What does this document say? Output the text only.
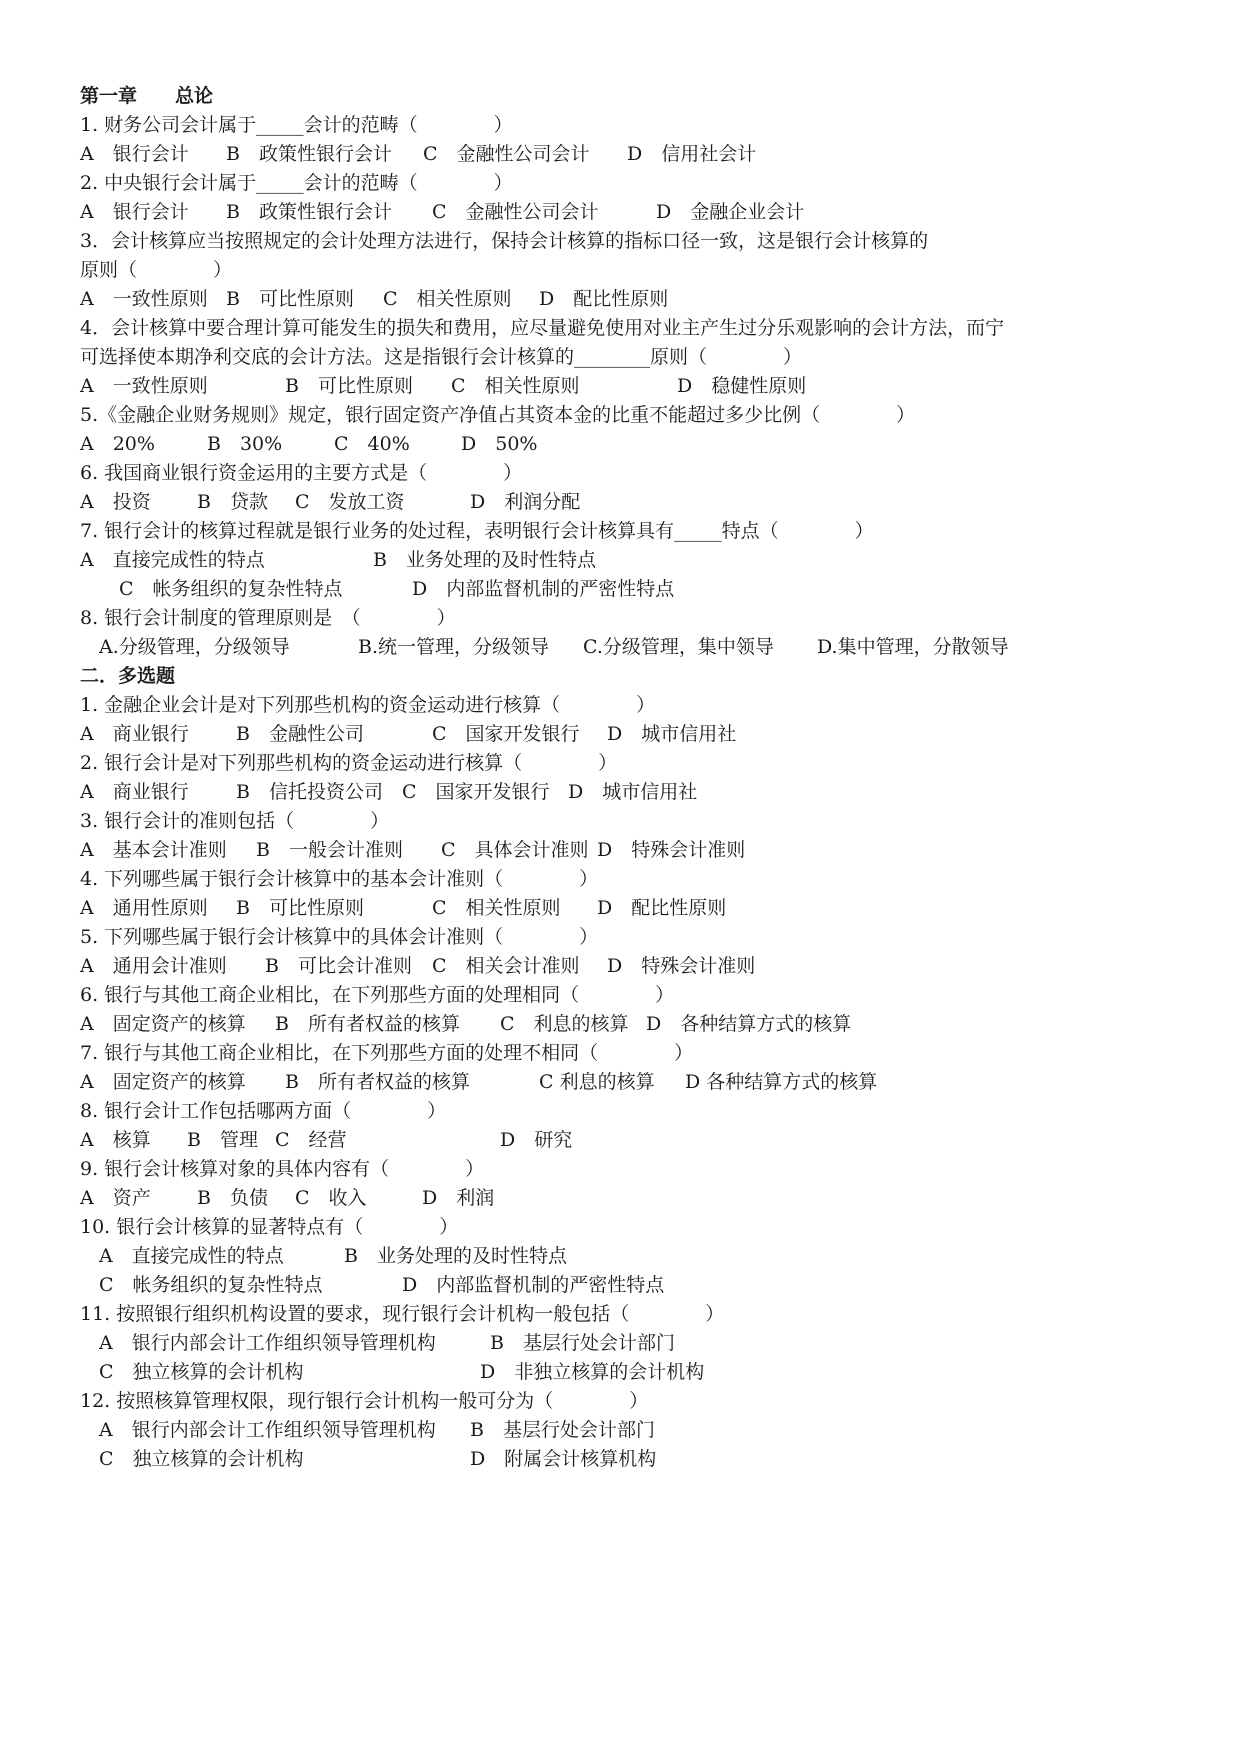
第一章　　总论
1. 财务公司会计属于_____会计的范畴（　　　　）
A　银行会计 B　政策性银行会计 C　金融性公司会计 D　信用社会计
2. 中央银行会计属于_____会计的范畴（　　　　）
A　银行会计 B　政策性银行会计 C　金融性公司会计	D　金融企业会计
3．会计核算应当按照规定的会计处理方法进行，保持会计核算的指标口径一致，这是银行会计核算的
原则（　　　　）
A　一致性原则 B　可比性原则 C　相关性原则 D　配比性原则
4．会计核算中要合理计算可能发生的损失和费用，应尽量避免使用对业主产生过分乐观影响的会计方法，而宁
可选择使本期净利交底的会计方法。这是指银行会计核算的________原则（　　　　）
A　一致性原则	B　可比性原则 C　相关性原则	D　稳健性原则
5.《金融企业财务规则》规定，银行固定资产净值占其资本金的比重不能超过多少比例（　　　　）
A　20%	B　30%	C　40%	D　50%
6. 我国商业银行资金运用的主要方式是（　　　　）
A　投资 B　贷款 C　发放工资	D　利润分配
7. 银行会计的核算过程就是银行业务的处过程，表明银行会计核算具有_____特点（　　　　）
A　直接完成性的特点	B　业务处理的及时性特点
C　帐务组织的复杂性特点	D　内部监督机制的严密性特点
8. 银行会计制度的管理原则是　（　　　　）
A.分级管理，分级领导	B.统一管理，分级领导 C.分级管理，集中领导 D.集中管理，分散领导
二．多选题
1. 金融企业会计是对下列那些机构的资金运动进行核算（　　　　）
A　商业银行 B　金融性公司	C　国家开发银行 D　城市信用社
2. 银行会计是对下列那些机构的资金运动进行核算（　　　　）
A　商业银行 B　信托投资公司 C　国家开发银行 D　城市信用社
3. 银行会计的准则包括（　　　　）
A　基本会计准则 B　一般会计准则 C　具体会计准则 D　特殊会计准则
4. 下列哪些属于银行会计核算中的基本会计准则（　　　　）
A　通用性原则 B　可比性原则	C　相关性原则 D　配比性原则
5. 下列哪些属于银行会计核算中的具体会计准则（　　　　）
A　通用会计准则 B　可比会计准则 C　相关会计准则 D　特殊会计准则
6. 银行与其他工商企业相比，在下列那些方面的处理相同（　　　　）
A　固定资产的核算 B　所有者权益的核算 C　利息的核算 D　各种结算方式的核算
7. 银行与其他工商企业相比，在下列那些方面的处理不相同（　　　　）
A　固定资产的核算 B　所有者权益的核算	C 利息的核算 D 各种结算方式的核算
8. 银行会计工作包括哪两方面（　　　　）
A　核算 B　管理 C　经营	D　研究
9. 银行会计核算对象的具体内容有（　　　　）
A　资产 B　负债 C　收入	D　利润
10. 银行会计核算的显著特点有（　　　　）
A　直接完成性的特点	B　业务处理的及时性特点
C　帐务组织的复杂性特点	D　内部监督机制的严密性特点
11. 按照银行组织机构设置的要求，现行银行会计机构一般包括（　　　　）
A　银行内部会计工作组织领导管理机构	B　基层行处会计部门
C　独立核算的会计机构	D　非独立核算的会计机构
12. 按照核算管理权限，现行银行会计机构一般可分为（　　　　）
A　银行内部会计工作组织领导管理机构 B　基层行处会计部门
C　独立核算的会计机构	D　附属会计核算机构
